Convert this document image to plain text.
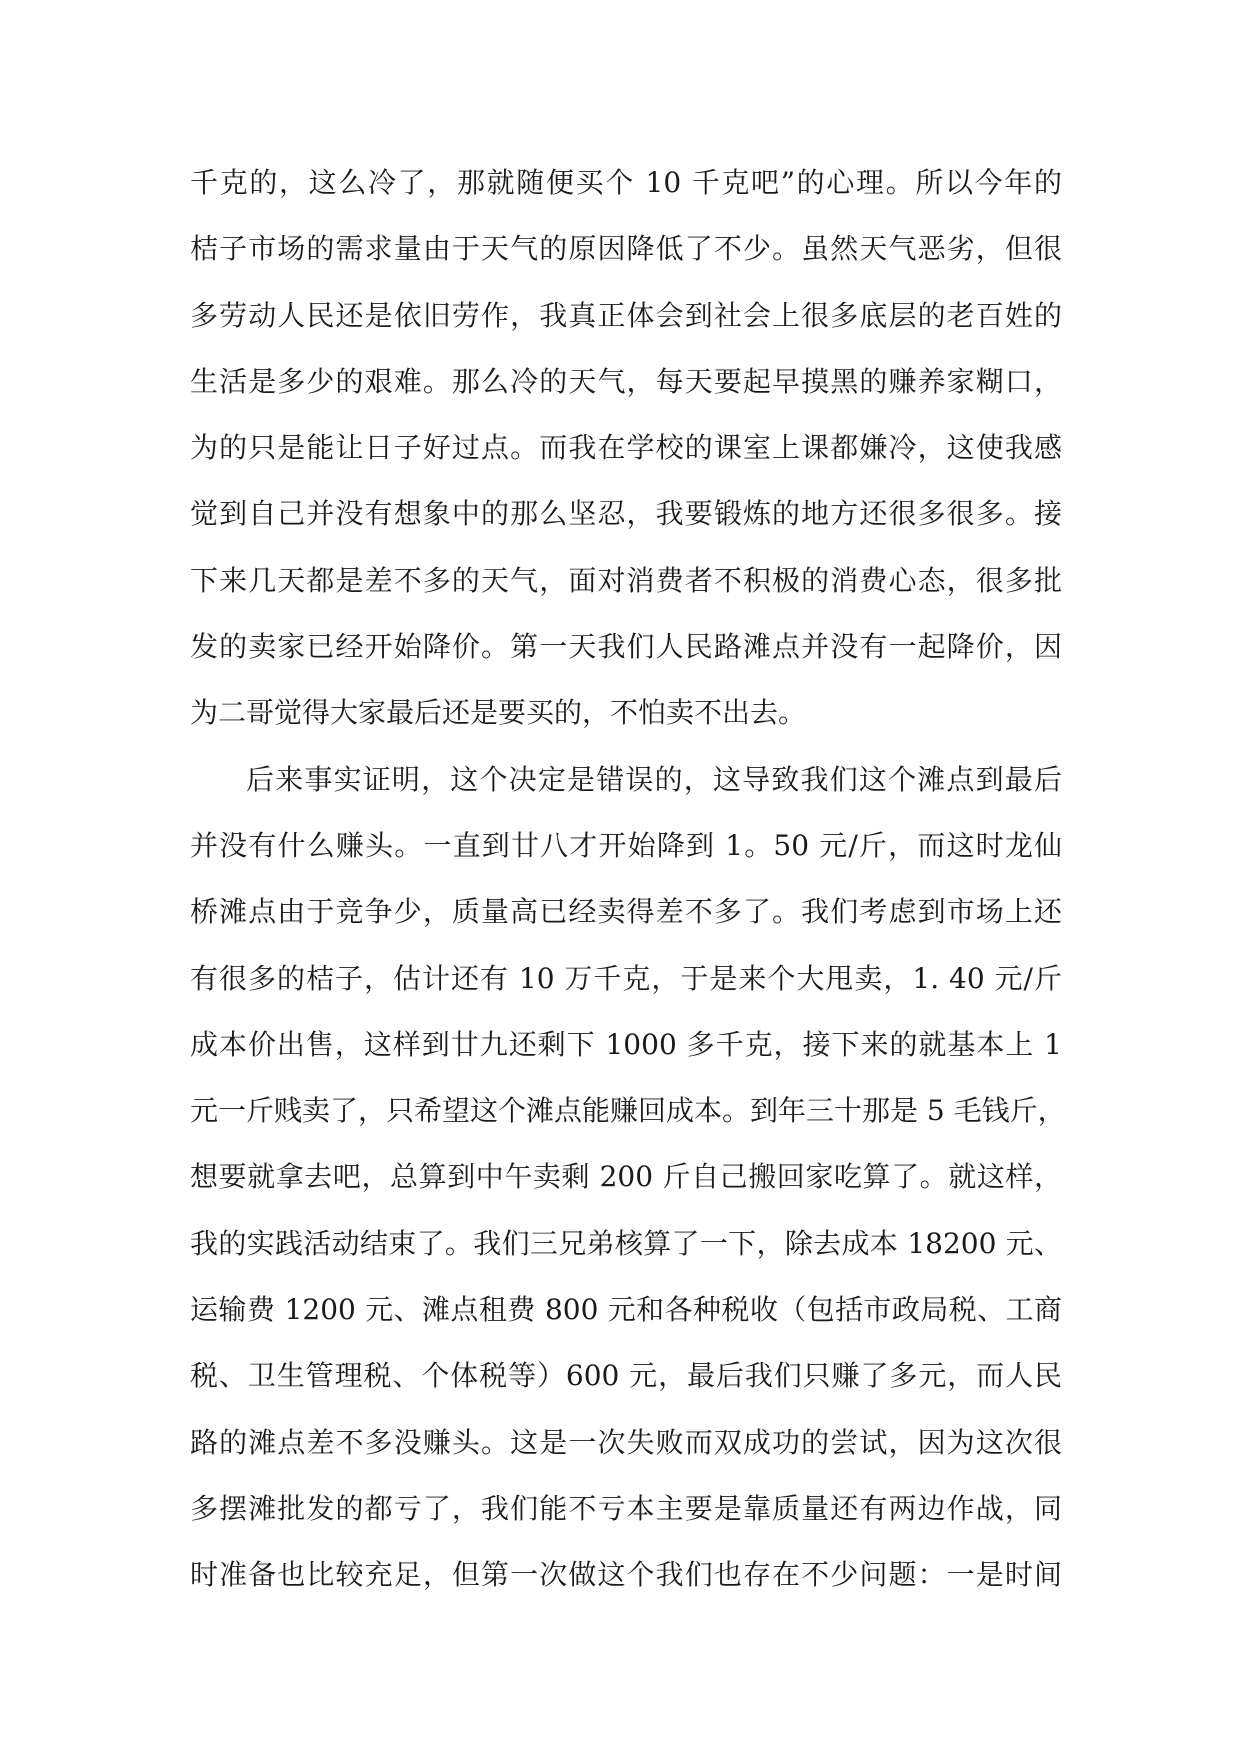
千克的，这么冷了，那就随便买个 10 千克吧”的心理。所以今年的
桔子市场的需求量由于天气的原因降低了不少。虽然天气恶劣，但很
多劳动人民还是依旧劳作，我真正体会到社会上很多底层的老百姓的
生活是多少的艰难。那么冷的天气，每天要起早摸黑的赚养家糊口，
为的只是能让日子好过点。而我在学校的课室上课都嫌冷，这使我感
觉到自己并没有想象中的那么坚忍，我要锻炼的地方还很多很多。接
下来几天都是差不多的天气，面对消费者不积极的消费心态，很多批
发的卖家已经开始降价。第一天我们人民路滩点并没有一起降价，因
为二哥觉得大家最后还是要买的，不怕卖不出去。
后来事实证明，这个决定是错误的，这导致我们这个滩点到最后
并没有什么赚头。一直到廿八才开始降到 1。50 元/斤，而这时龙仙
桥滩点由于竞争少，质量高已经卖得差不多了。我们考虑到市场上还
有很多的桔子，估计还有 10 万千克，于是来个大甩卖，1. 40 元/斤
成本价出售，这样到廿九还剩下 1000 多千克，接下来的就基本上 1
元一斤贱卖了，只希望这个滩点能赚回成本。到年三十那是 5 毛钱斤，
想要就拿去吧，总算到中午卖剩 200 斤自己搬回家吃算了。就这样，
我的实践活动结束了。我们三兄弟核算了一下，除去成本 18200 元、
运输费 1200 元、滩点租费 800 元和各种税收（包括市政局税、工商
税、卫生管理税、个体税等）600 元，最后我们只赚了多元，而人民
路的滩点差不多没赚头。这是一次失败而双成功的尝试，因为这次很
多摆滩批发的都亏了，我们能不亏本主要是靠质量还有两边作战，同
时准备也比较充足，但第一次做这个我们也存在不少问题：一是时间
